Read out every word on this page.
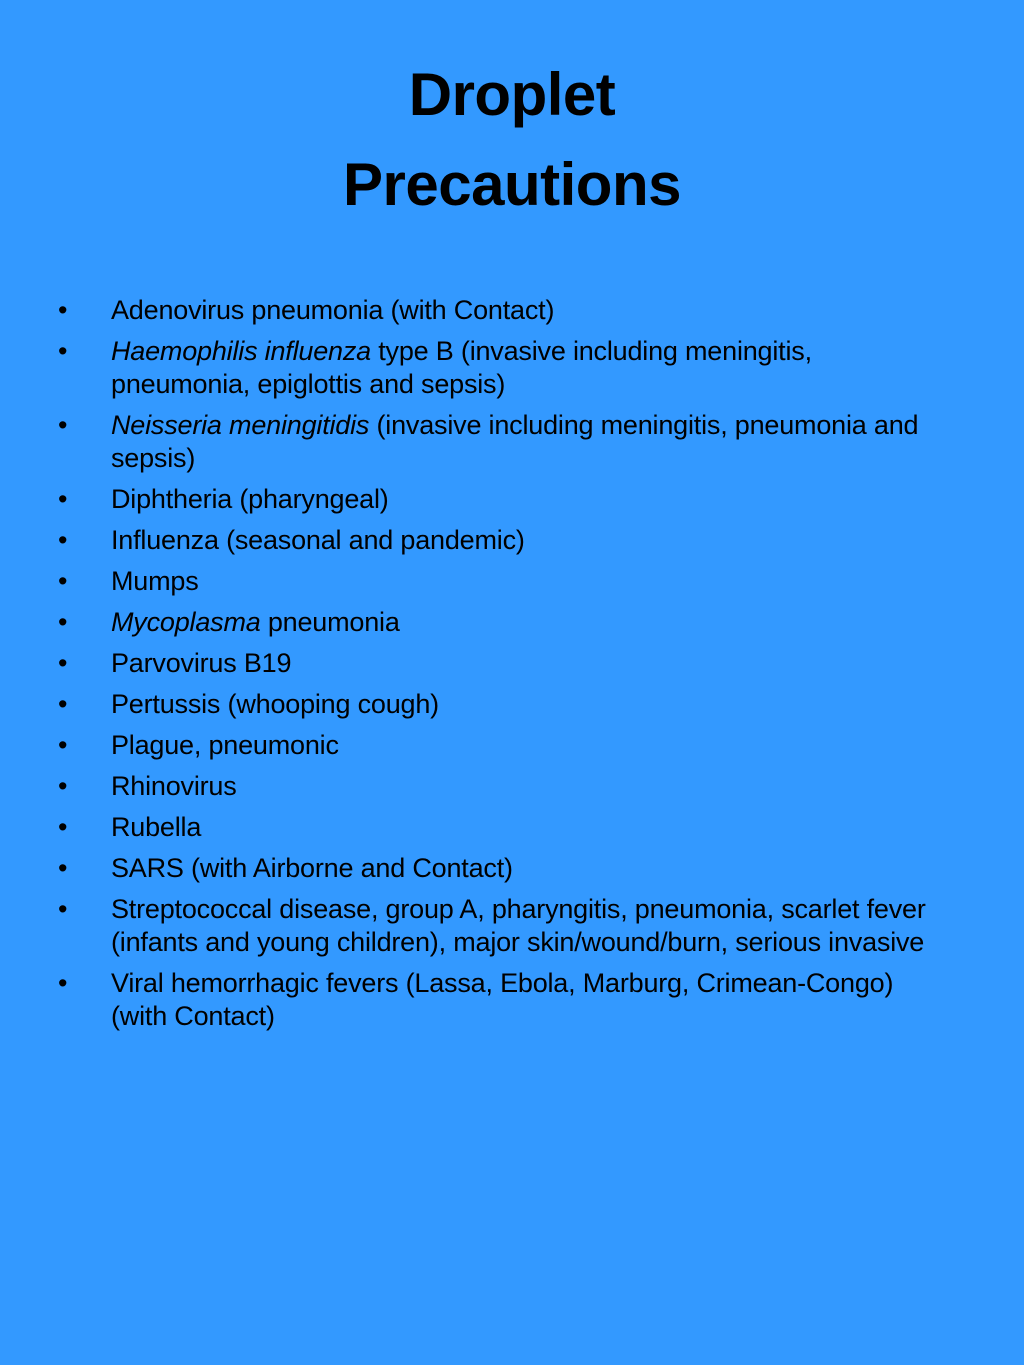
Droplet
Precautions
•	Adenovirus pneumonia (with Contact)
•	Haemophilis influenza type B (invasive including meningitis, pneumonia, epiglottis and sepsis)
•	Neisseria meningitidis (invasive including meningitis, pneumonia and sepsis)
•	Diphtheria (pharyngeal)
•	Influenza (seasonal and pandemic)
•	Mumps
•	Mycoplasma pneumonia
•	Parvovirus B19
•	Pertussis (whooping cough)
•	Plague, pneumonic
•	Rhinovirus
•	Rubella
•	SARS (with Airborne and Contact)
•	Streptococcal disease, group A, pharyngitis, pneumonia, scarlet fever (infants and young children), major skin/wound/burn, serious invasive
•	Viral hemorrhagic fevers (Lassa, Ebola, Marburg, Crimean-Congo) (with Contact)
